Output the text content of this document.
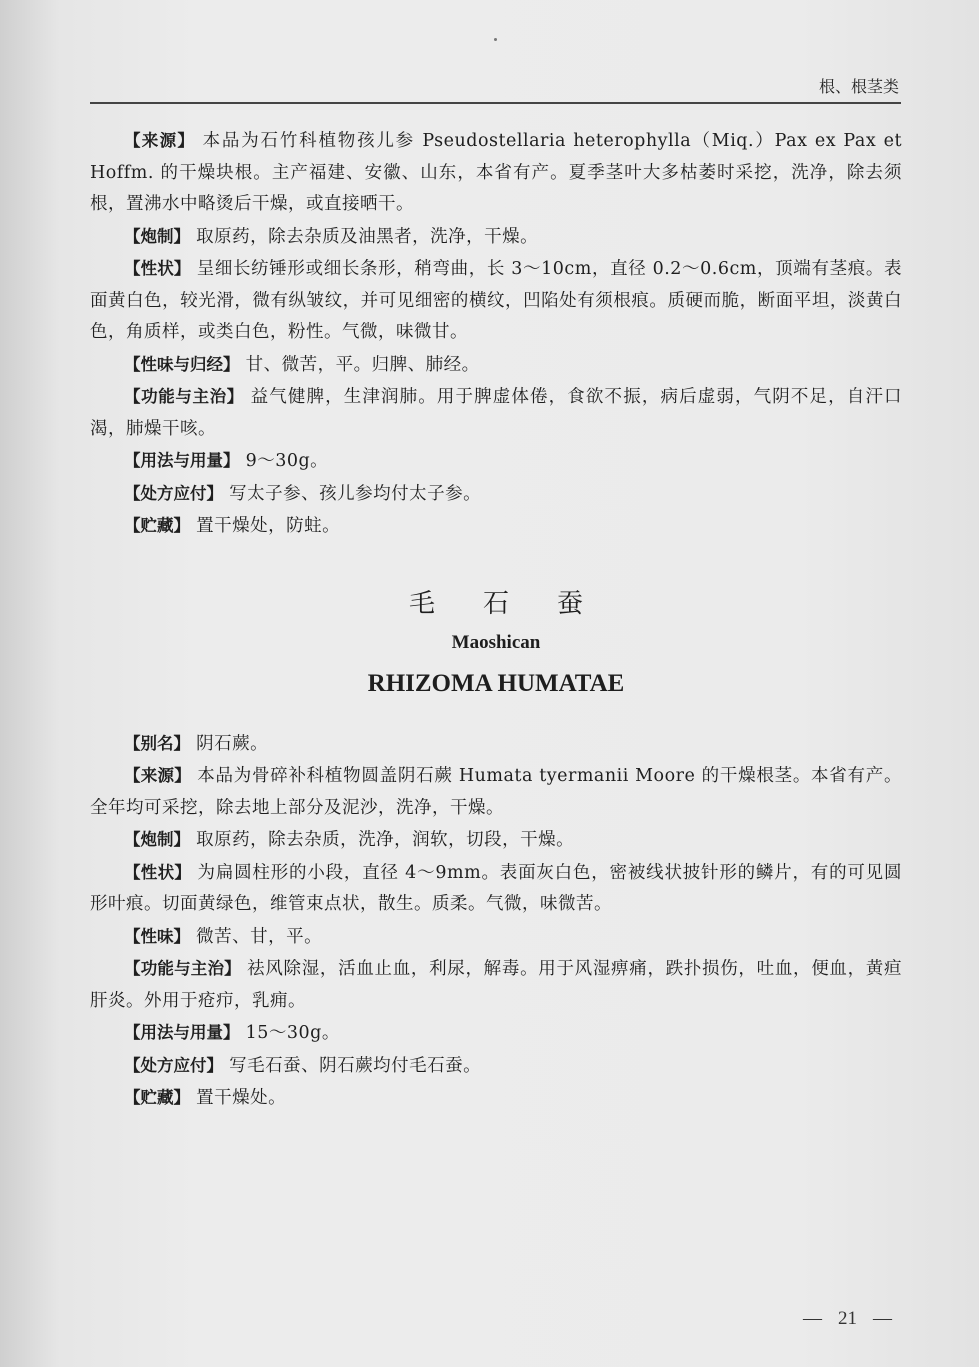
根、根茎类

【来源】 本品为石竹科植物孩儿参 Pseudostellaria heterophylla（Miq.）Pax ex Pax et Hoffm. 的干燥块根。主产福建、安徽、山东，本省有产。夏季茎叶大多枯萎时采挖，洗净，除去须根，置沸水中略烫后干燥，或直接晒干。

【炮制】 取原药，除去杂质及油黑者，洗净，干燥。

【性状】 呈细长纺锤形或细长条形，稍弯曲，长 3～10cm，直径 0.2～0.6cm，顶端有茎痕。表面黄白色，较光滑，微有纵皱纹，并可见细密的横纹，凹陷处有须根痕。质硬而脆，断面平坦，淡黄白色，角质样，或类白色，粉性。气微，味微甘。

【性味与归经】 甘、微苦，平。归脾、肺经。

【功能与主治】 益气健脾，生津润肺。用于脾虚体倦，食欲不振，病后虚弱，气阴不足，自汗口渴，肺燥干咳。

【用法与用量】 9～30g。

【处方应付】 写太子参、孩儿参均付太子参。

【贮藏】 置干燥处，防蛀。

毛石蚕
Maoshican
RHIZOMA HUMATAE

【别名】 阴石蕨。

【来源】 本品为骨碎补科植物圆盖阴石蕨 Humata tyermanii Moore 的干燥根茎。本省有产。全年均可采挖，除去地上部分及泥沙，洗净，干燥。

【炮制】 取原药，除去杂质，洗净，润软，切段，干燥。

【性状】 为扁圆柱形的小段，直径 4～9mm。表面灰白色，密被线状披针形的鳞片，有的可见圆形叶痕。切面黄绿色，维管束点状，散生。质柔。气微，味微苦。

【性味】 微苦、甘，平。

【功能与主治】 祛风除湿，活血止血，利尿，解毒。用于风湿痹痛，跌扑损伤，吐血，便血，黄疸肝炎。外用于疮疖，乳痈。

【用法与用量】 15～30g。

【处方应付】 写毛石蚕、阴石蕨均付毛石蚕。

【贮藏】 置干燥处。

— 21 —
